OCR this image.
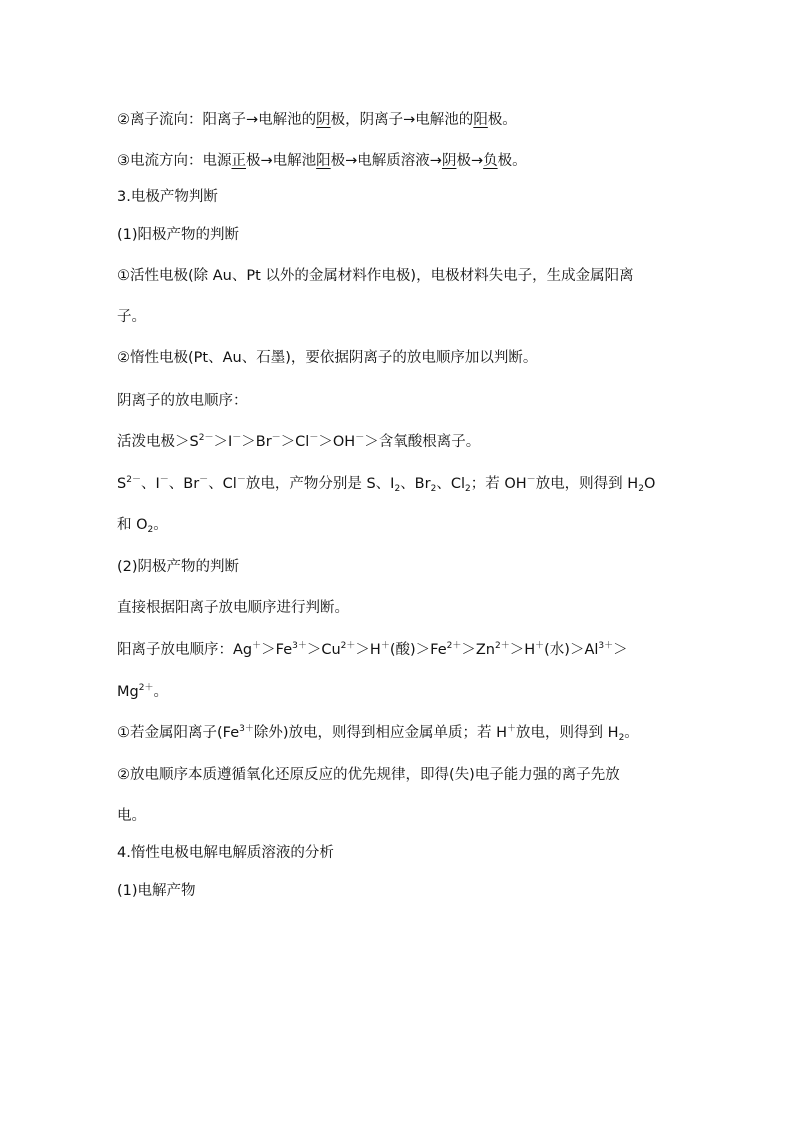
②离子流向：阳离子→电解池的阴极，阴离子→电解池的阳极。
③电流方向：电源正极→电解池阳极→电解质溶液→阴极→负极。
3.电极产物判断
(1)阳极产物的判断
①活性电极(除 Au、Pt 以外的金属材料作电极)，电极材料失电子，生成金属阳离
子。
②惰性电极(Pt、Au、石墨)，要依据阴离子的放电顺序加以判断。
阴离子的放电顺序：
活泼电极$>S^{2-}>I^->Br^->Cl^->OH^->$含氧酸根离子。
$S^{2-}$、I－、Br－、Cl－放电，产物分别是 S、$I_2$、$Br_2$、$Cl_2$；若 OH－放电，则得到 $H_2O$
和 $O_2$。
(2)阴极产物的判断
直接根据阳离子放电顺序进行判断。
阳离子放电顺序：$Ag^+>Fe^{3+}>Cu^{2+}>H^+$(酸)$>Fe^{2+}>Zn^{2+}>H^+$(水)$>Al^{3+}>$
$Mg^{2+}$。
①若金属阳离子($Fe^{3+}$除外)放电，则得到相应金属单质；若 H＋放电，则得到 $H_2$。
②放电顺序本质遵循氧化还原反应的优先规律，即得(失)电子能力强的离子先放
电。
4.惰性电极电解电解质溶液的分析
(1)电解产物
